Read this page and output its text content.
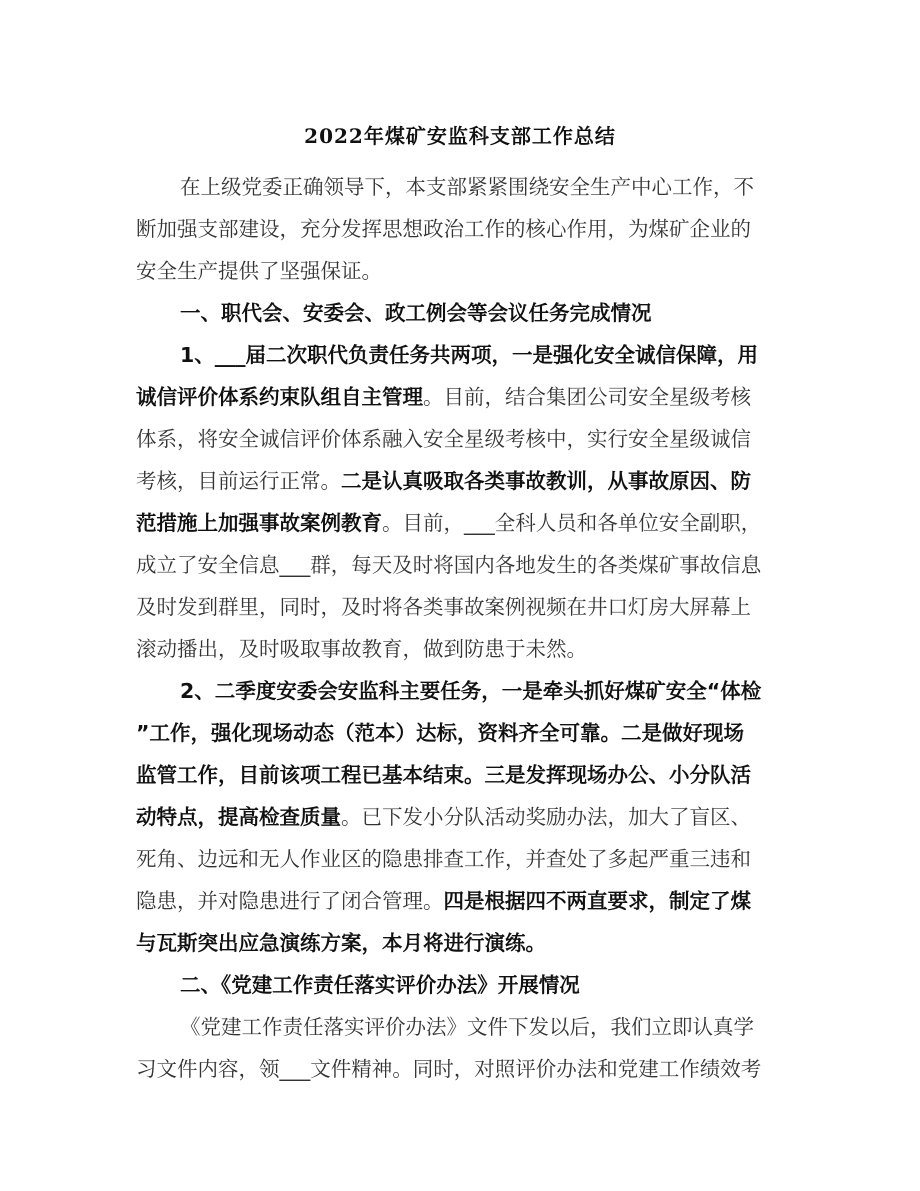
2022年煤矿安监科支部工作总结
在上级党委正确领导下，本支部紧紧围绕安全生产中心工作，不
断加强支部建设，充分发挥思想政治工作的核心作用，为煤矿企业的
安全生产提供了坚强保证。
一、职代会、安委会、政工例会等会议任务完成情况
1、___届二次职代负责任务共两项，一是强化安全诚信保障，用
诚信评价体系约束队组自主管理。目前，结合集团公司安全星级考核
体系，将安全诚信评价体系融入安全星级考核中，实行安全星级诚信
考核，目前运行正常。二是认真吸取各类事故教训，从事故原因、防
范措施上加强事故案例教育。目前，___全科人员和各单位安全副职，
成立了安全信息___群，每天及时将国内各地发生的各类煤矿事故信息
及时发到群里，同时，及时将各类事故案例视频在井口灯房大屏幕上
滚动播出，及时吸取事故教育，做到防患于未然。
2、二季度安委会安监科主要任务，一是牵头抓好煤矿安全“体检
”工作，强化现场动态（范本）达标，资料齐全可靠。二是做好现场
监管工作，目前该项工程已基本结束。三是发挥现场办公、小分队活
动特点，提高检查质量。已下发小分队活动奖励办法，加大了盲区、
死角、边远和无人作业区的隐患排查工作，并查处了多起严重三违和
隐患，并对隐患进行了闭合管理。四是根据四不两直要求，制定了煤
与瓦斯突出应急演练方案，本月将进行演练。
二、《党建工作责任落实评价办法》开展情况
《党建工作责任落实评价办法》文件下发以后，我们立即认真学
习文件内容，领___文件精神。同时，对照评价办法和党建工作绩效考
